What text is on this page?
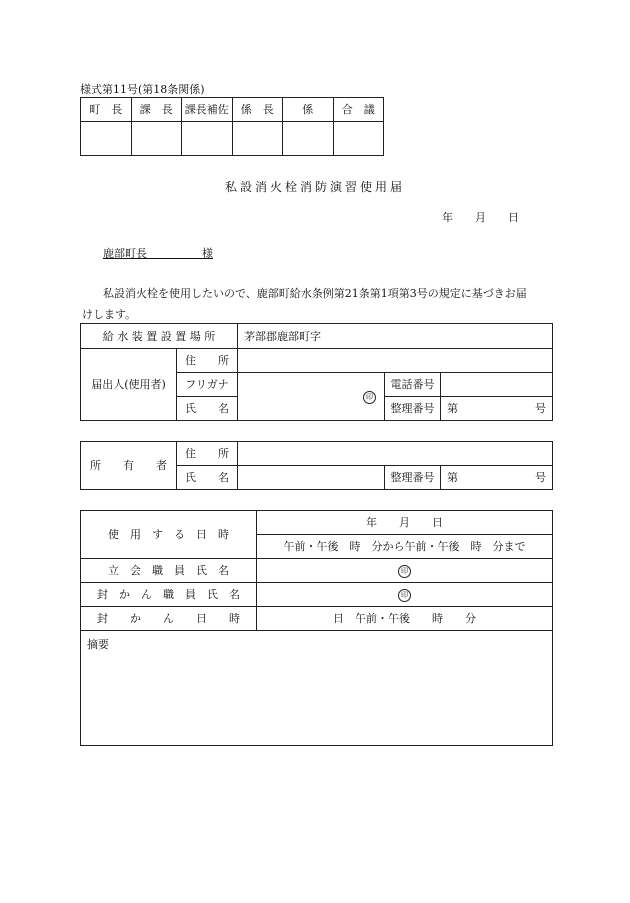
様式第11号(第18条関係)
町　長	課　長	課長補佐	係　長	係	合　議

私設消火栓消防演習使用届
年　　月　　日
鹿部町長　　　　　様
私設消火栓を使用したいので、鹿部町給水条例第21条第1項第3号の規定に基づきお届
けします。
給 水 装 置 設 置 場 所		茅部郡鹿部町字		
届出人(使用者)	住　　所			
	フリガナ	印	電話番号	
	氏　　名		整理番号	第 号
所　　有　　者	住　　所			
	氏　　名		整理番号	第 号
使　用　す　る　日　時	年　　月　　日
	午前・午後　時　分から午前・午後　時　分まで
立　会　職　員　氏　名	印
封　か　ん　職　員　氏　名	印
封　　か　　ん　　日　　時	日　午前・午後　　時　　分
摘要	
